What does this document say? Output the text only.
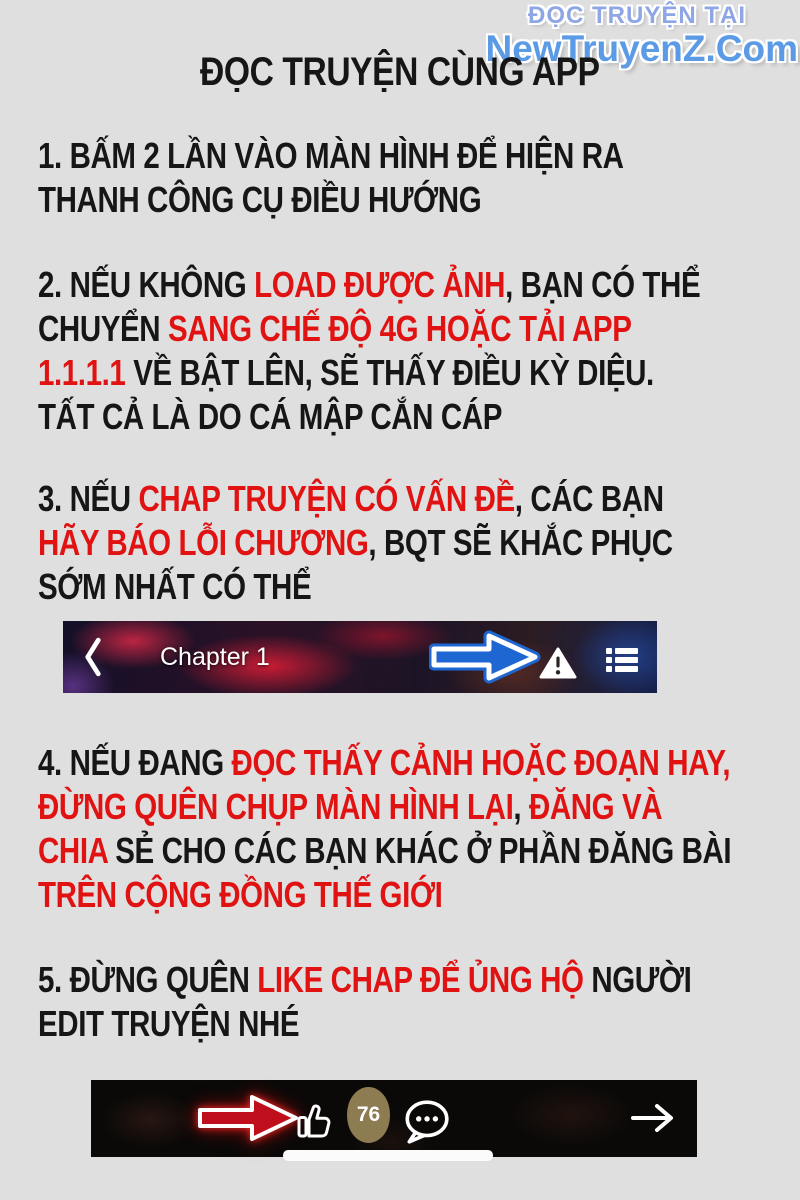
ĐỌC TRUYỆN TẠI
NewTruyenZ.Com
ĐỌC TRUYỆN CÙNG APP
1. BẤM 2 LẦN VÀO MÀN HÌNH ĐỂ HIỆN RA
THANH CÔNG CỤ ĐIỀU HƯỚNG
2. NẾU KHÔNG LOAD ĐƯỢC ẢNH, BẠN CÓ THỂ
CHUYỂN SANG CHẾ ĐỘ 4G HOẶC TẢI APP
1.1.1.1 VỀ BẬT LÊN, SẼ THẤY ĐIỀU KỲ DIỆU.
TẤT CẢ LÀ DO CÁ MẬP CẮN CÁP
3. NẾU CHAP TRUYỆN CÓ VẤN ĐỀ, CÁC BẠN
HÃY BÁO LỖI CHƯƠNG, BQT SẼ KHẮC PHỤC
SỚM NHẤT CÓ THỂ
4. NẾU ĐANG ĐỌC THẤY CẢNH HOẶC ĐOẠN HAY,
ĐỪNG QUÊN CHỤP MÀN HÌNH LẠI, ĐĂNG VÀ
CHIA SẺ CHO CÁC BẠN KHÁC Ở PHẦN ĐĂNG BÀI
TRÊN CỘNG ĐỒNG THẾ GIỚI
5. ĐỪNG QUÊN LIKE CHAP ĐỂ ỦNG HỘ NGƯỜI
EDIT TRUYỆN NHÉ
Chapter 1
76
